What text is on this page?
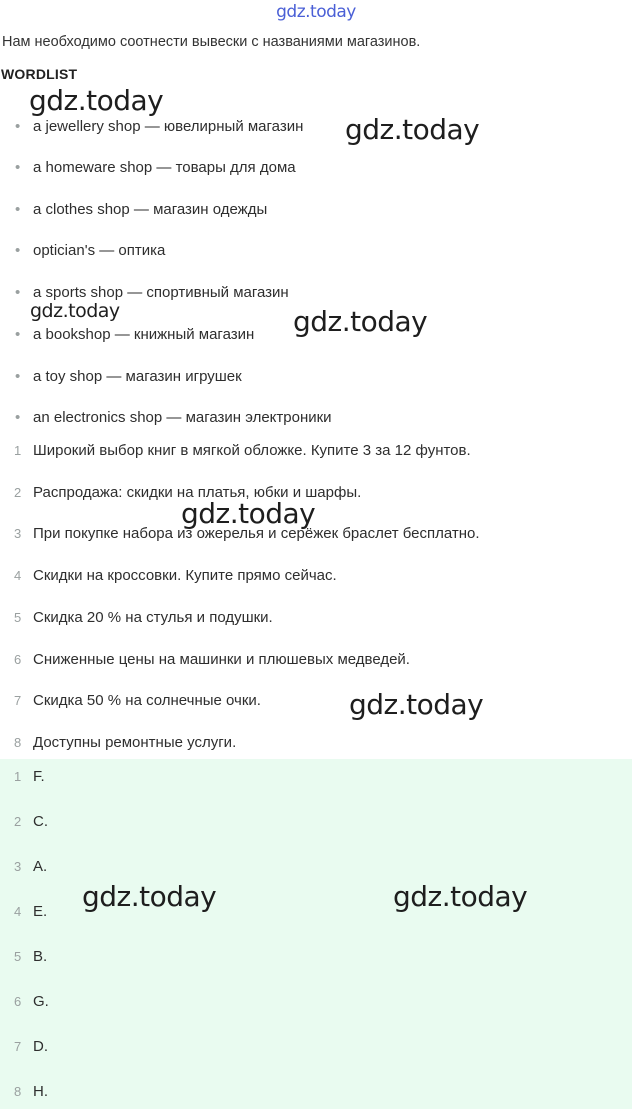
gdz.today
Нам необходимо соотнести вывески с названиями магазинов.
WORDLIST
• a jewellery shop — ювелирный магазин
• a homeware shop — товары для дома
• a clothes shop — магазин одежды
• optician's — оптика
• a sports shop — спортивный магазин
• a bookshop — книжный магазин
• a toy shop — магазин игрушек
• an electronics shop — магазин электроники
1 Широкий выбор книг в мягкой обложке. Купите 3 за 12 фунтов.
2 Распродажа: скидки на платья, юбки и шарфы.
3 При покупке набора из ожерелья и серёжек браслет бесплатно.
4 Скидки на кроссовки. Купите прямо сейчас.
5 Скидка 20 % на стулья и подушки.
6 Сниженные цены на машинки и плюшевых медведей.
7 Скидка 50 % на солнечные очки.
8 Доступны ремонтные услуги.
1 F.
2 C.
3 A.
4 E.
5 B.
6 G.
7 D.
8 H.
gdz.today
gdz.today
gdz.today	gdz.today
gdz.today
gdz.today
gdz.today	gdz.today
